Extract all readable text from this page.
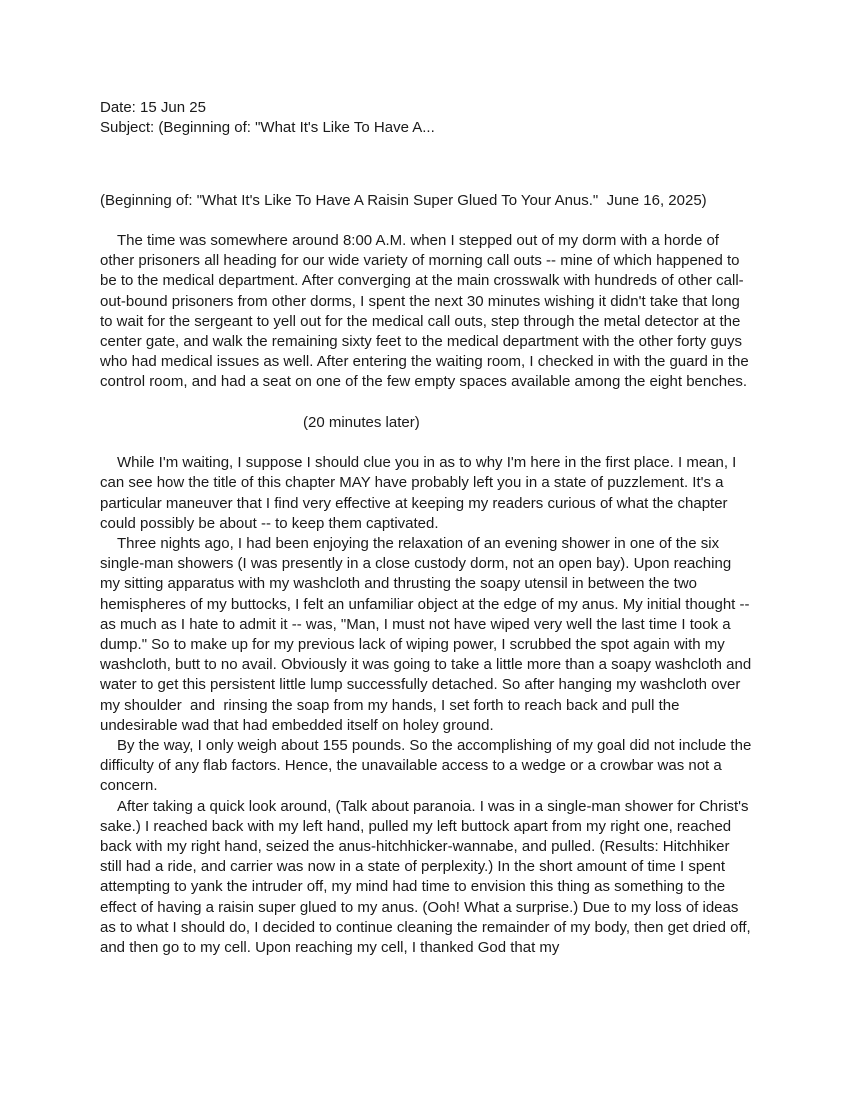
Date: 15 Jun 25
Subject: (Beginning of: "What It's Like To Have A...
(Beginning of: "What It's Like To Have A Raisin Super Glued To Your Anus."  June 16, 2025)

The time was somewhere around 8:00 A.M. when I stepped out of my dorm with a horde of other prisoners all heading for our wide variety of morning call outs -- mine of which happened to be to the medical department. After converging at the main crosswalk with hundreds of other call-out-bound prisoners from other dorms, I spent the next 30 minutes wishing it didn't take that long to wait for the sergeant to yell out for the medical call outs, step through the metal detector at the center gate, and walk the remaining sixty feet to the medical department with the other forty guys who had medical issues as well. After entering the waiting room, I checked in with the guard in the control room, and had a seat on one of the few empty spaces available among the eight benches.

(20 minutes later)

While I'm waiting, I suppose I should clue you in as to why I'm here in the first place. I mean, I can see how the title of this chapter MAY have probably left you in a state of puzzlement. It's a particular maneuver that I find very effective at keeping my readers curious of what the chapter could possibly be about -- to keep them captivated.

Three nights ago, I had been enjoying the relaxation of an evening shower in one of the six single-man showers (I was presently in a close custody dorm, not an open bay). Upon reaching my sitting apparatus with my washcloth and thrusting the soapy utensil in between the two hemispheres of my buttocks, I felt an unfamiliar object at the edge of my anus. My initial thought -- as much as I hate to admit it -- was, "Man, I must not have wiped very well the last time I took a dump." So to make up for my previous lack of wiping power, I scrubbed the spot again with my washcloth, butt to no avail. Obviously it was going to take a little more than a soapy washcloth and  water to get this persistent little lump successfully detached. So after hanging my washcloth over my shoulder  and  rinsing the soap from my hands, I set forth to reach back and pull the undesirable wad that had embedded itself on holey ground.

By the way, I only weigh about 155 pounds. So the accomplishing of my goal did not include the difficulty of any flab factors. Hence, the unavailable access to a wedge or a crowbar was not a concern.

After taking a quick look around, (Talk about paranoia. I was in a single-man shower for Christ's sake.) I reached back with my left hand, pulled my left buttock apart from my right one, reached back with my right hand, seized the anus-hitchhicker-wannabe, and pulled. (Results: Hitchhiker still had a ride, and carrier was now in a state of perplexity.) In the short amount of time I spent attempting to yank the intruder off, my mind had time to envision this thing as something to the effect of having a raisin super glued to my anus. (Ooh! What a surprise.) Due to my loss of ideas as to what I should do, I decided to continue cleaning the remainder of my body, then get dried off, and then go to my cell. Upon reaching my cell, I thanked God that my
